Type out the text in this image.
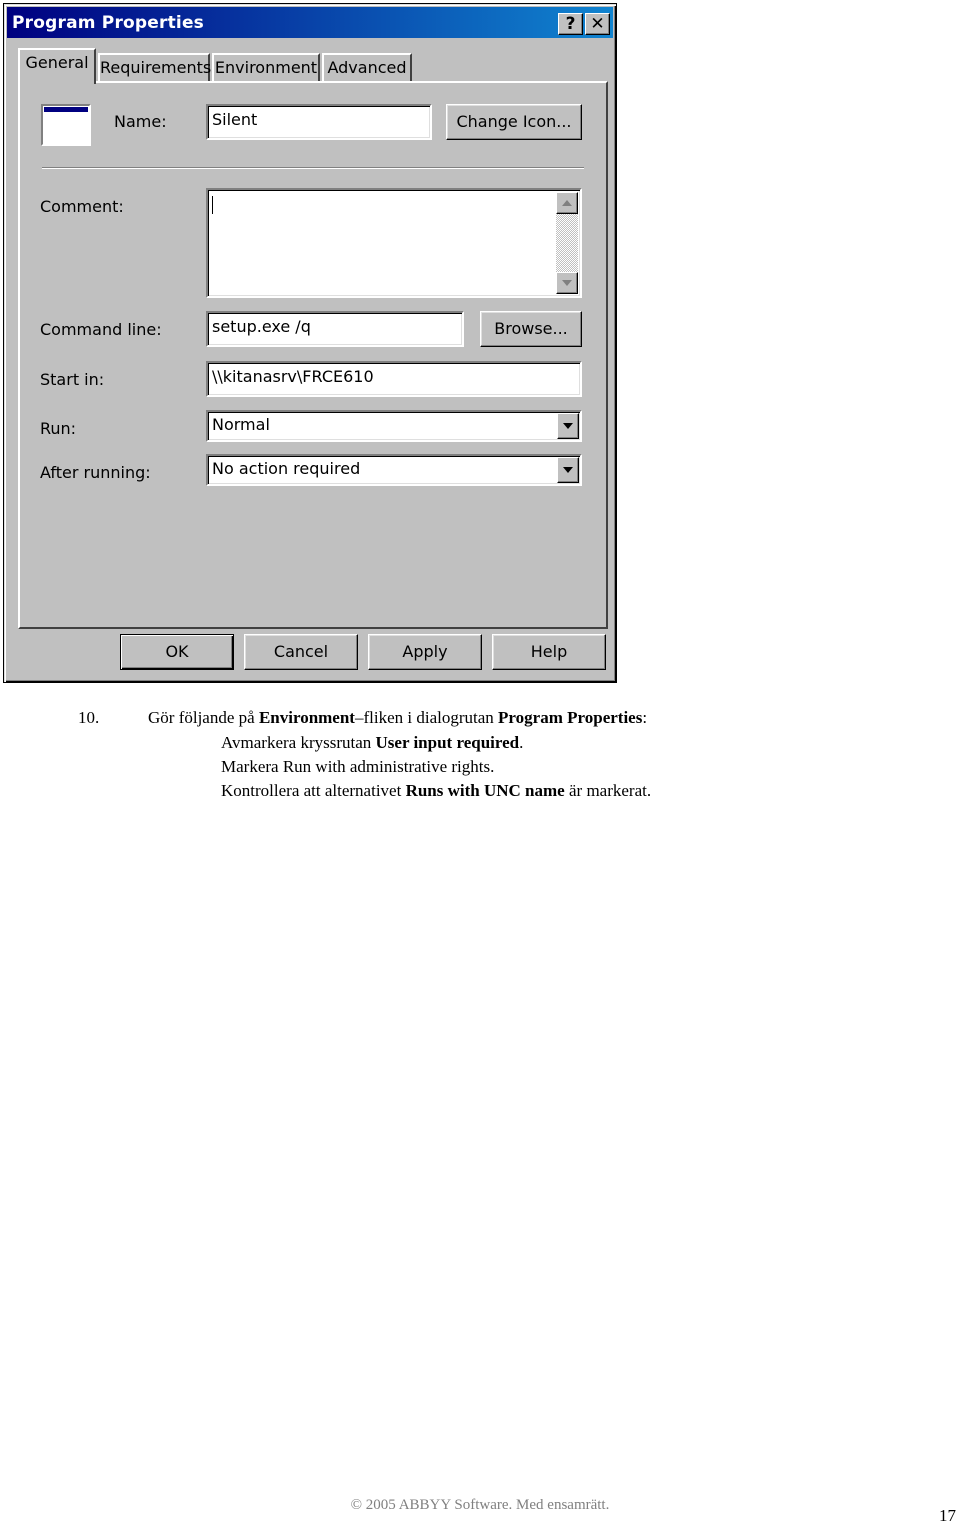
Program Properties	? ✕
General Requirements Environment Advanced
Name:	Silent	Change Icon...
Comment:
Command line:	setup.exe /q	Browse...
Start in:	\\kitanasrv\FRCE610
Run:	Normal
After running:	No action required
OK	Cancel	Apply	Help
10.	Gör följande på Environment–fliken i dialogrutan Program Properties:
Avmarkera kryssrutan User input required.
Markera Run with administrative rights.
Kontrollera att alternativet Runs with UNC name är markerat.
© 2005 ABBYY Software. Med ensamrätt.
17
